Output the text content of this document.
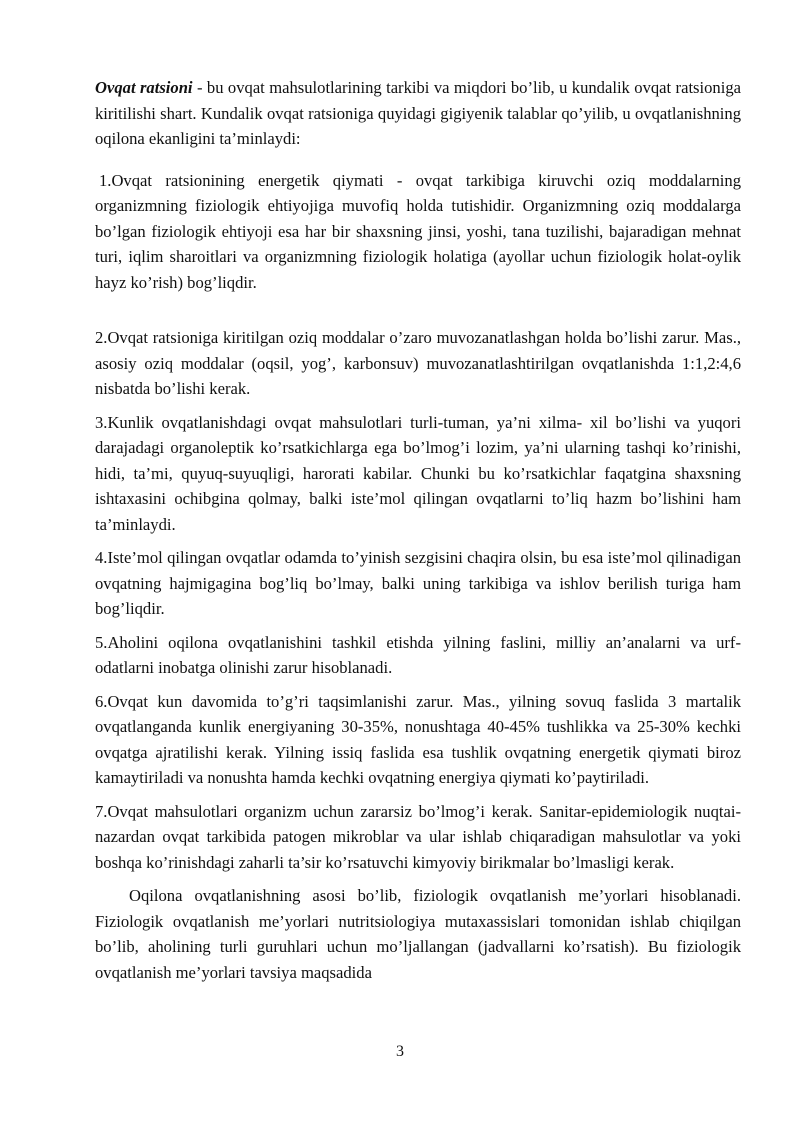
Ovqat ratsioni - bu ovqat mahsulotlarining tarkibi va miqdori bo’lib, u kundalik ovqat ratsioniga kiritilishi shart. Kundalik ovqat ratsioniga quyidagi gigiyenik talablar qo’yilib, u ovqatlanishning oqilona ekanligini ta’minlaydi:

1.Ovqat ratsionining energetik qiymati - ovqat tarkibiga kiruvchi oziq moddalarning organizmning fiziologik ehtiyojiga muvofiq holda tutishidir. Organizmning oziq moddalarga bo’lgan fiziologik ehtiyoji esa har bir shaxsning jinsi, yoshi, tana tuzilishi, bajaradigan mehnat turi, iqlim sharoitlari va organizmning fiziologik holatiga (ayollar uchun fiziologik holat-oylik hayz ko’rish) bog’liqdir.

2.Ovqat ratsioniga kiritilgan oziq moddalar o’zaro muvozanatlashgan holda bo’lishi zarur. Mas., asosiy oziq moddalar (oqsil, yog’, karbonsuv) muvozanatlashtirilgan ovqatlanishda 1:1,2:4,6 nisbatda bo’lishi kerak.

3.Kunlik ovqatlanishdagi ovqat mahsulotlari turli-tuman, ya’ni xilma- xil bo’lishi va yuqori darajadagi organoleptik ko’rsatkichlarga ega bo’lmog’i lozim, ya’ni ularning tashqi ko’rinishi, hidi, ta’mi, quyuq-suyuqligi, harorati kabilar. Chunki bu ko’rsatkichlar faqatgina shaxsning ishtaxasini ochibgina qolmay, balki iste’mol qilingan ovqatlarni to’liq hazm bo’lishini ham ta’minlaydi.

4.Iste’mol qilingan ovqatlar odamda to’yinish sezgisini chaqira olsin, bu esa iste’mol qilinadigan ovqatning hajmigagina bog’liq bo’lmay, balki uning tarkibiga va ishlov berilish turiga ham bog’liqdir.

5.Aholini oqilona ovqatlanishini tashkil etishda yilning faslini, milliy an’analarni va urf-odatlarni inobatga olinishi zarur hisoblanadi.

6.Ovqat kun davomida to’g’ri taqsimlanishi zarur. Mas., yilning sovuq faslida 3 martalik ovqatlanganda kunlik energiyaning 30-35%, nonushtaga 40-45% tushlikka va 25-30% kechki ovqatga ajratilishi kerak. Yilning issiq faslida esa tushlik ovqatning energetik qiymati biroz kamaytiriladi va nonushta hamda kechki ovqatning energiya qiymati ko’paytiriladi.

7.Ovqat mahsulotlari organizm uchun zararsiz bo’lmog’i kerak. Sanitar-epidemiologik nuqtai-nazardan ovqat tarkibida patogen mikroblar va ular ishlab chiqaradigan mahsulotlar va yoki boshqa ko’rinishdagi zaharli ta’sir ko’rsatuvchi kimyoviy birikmalar bo’lmasligi kerak.

Oqilona ovqatlanishning asosi bo’lib, fiziologik ovqatlanish me’yorlari hisoblanadi. Fiziologik ovqatlanish me’yorlari nutritsiologiya mutaxassislari tomonidan ishlab chiqilgan bo’lib, aholining turli guruhlari uchun mo’ljallangan (jadvallarni ko’rsatish). Bu fiziologik ovqatlanish me’yorlari tavsiya maqsadida

3
